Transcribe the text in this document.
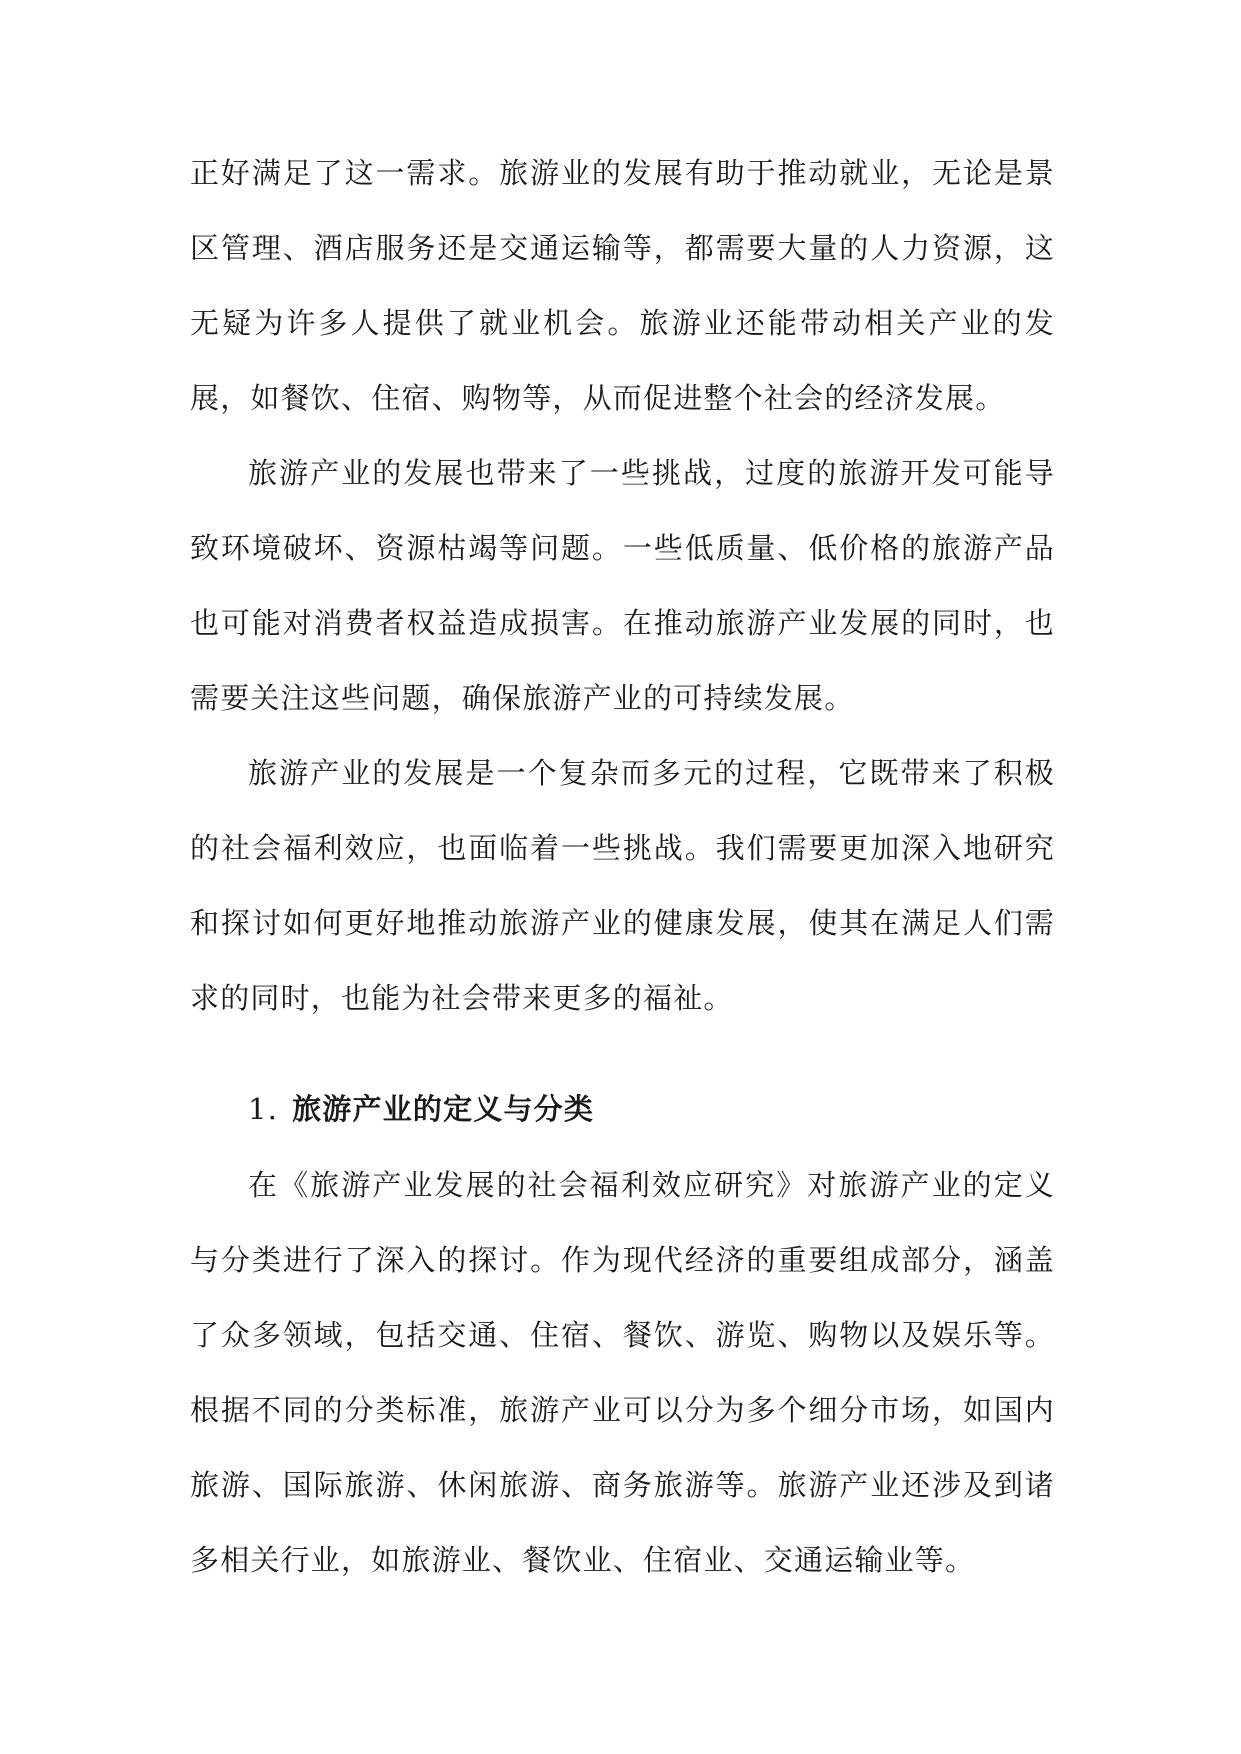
正好满足了这一需求。旅游业的发展有助于推动就业，无论是景区管理、酒店服务还是交通运输等，都需要大量的人力资源，这无疑为许多人提供了就业机会。旅游业还能带动相关产业的发展，如餐饮、住宿、购物等，从而促进整个社会的经济发展。

旅游产业的发展也带来了一些挑战，过度的旅游开发可能导致环境破坏、资源枯竭等问题。一些低质量、低价格的旅游产品也可能对消费者权益造成损害。在推动旅游产业发展的同时，也需要关注这些问题，确保旅游产业的可持续发展。

旅游产业的发展是一个复杂而多元的过程，它既带来了积极的社会福利效应，也面临着一些挑战。我们需要更加深入地研究和探讨如何更好地推动旅游产业的健康发展，使其在满足人们需求的同时，也能为社会带来更多的福祉。

1. 旅游产业的定义与分类

在《旅游产业发展的社会福利效应研究》对旅游产业的定义与分类进行了深入的探讨。作为现代经济的重要组成部分，涵盖了众多领域，包括交通、住宿、餐饮、游览、购物以及娱乐等。根据不同的分类标准，旅游产业可以分为多个细分市场，如国内旅游、国际旅游、休闲旅游、商务旅游等。旅游产业还涉及到诸多相关行业，如旅游业、餐饮业、住宿业、交通运输业等。
